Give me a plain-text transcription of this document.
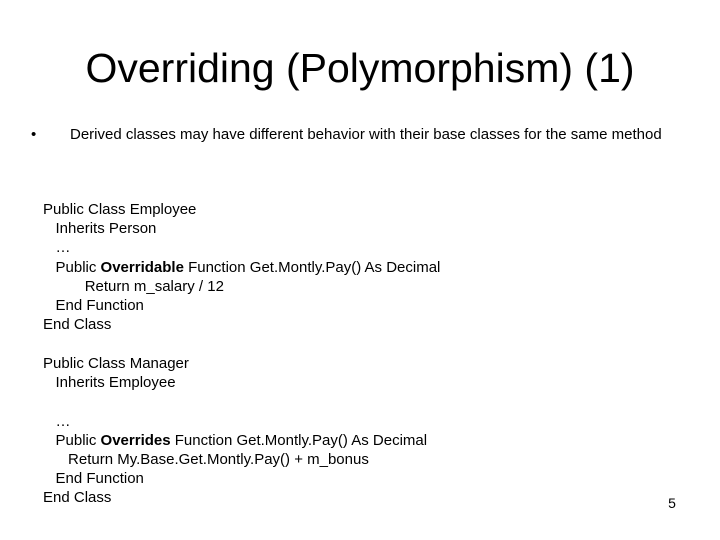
Overriding (Polymorphism) (1)
•	Derived classes may have different behavior with their base classes for the same method
Public Class Employee
Inherits Person
…
Public Overridable Function Get.Montly.Pay() As Decimal
Return m_salary / 12
End Function
End Class
Public Class Manager
Inherits Employee
…
Public Overrides Function Get.Montly.Pay() As Decimal
Return My.Base.Get.Montly.Pay() + m_bonus
End Function
End Class	5
